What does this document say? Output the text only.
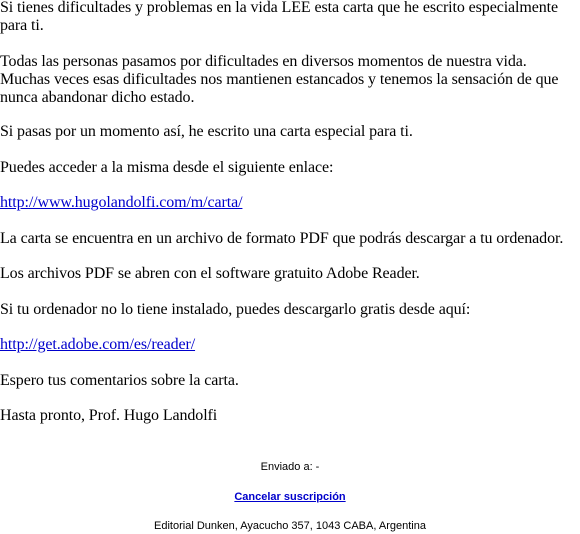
Si tienes dificultades y problemas en la vida LEE esta carta que he escrito especialmente para ti.

Todas las personas pasamos por dificultades en diversos momentos de nuestra vida. Muchas veces esas dificultades nos mantienen estancados y tenemos la sensación de que nunca abandonar dicho estado.

Si pasas por un momento así, he escrito una carta especial para ti.

Puedes acceder a la misma desde el siguiente enlace:

http://www.hugolandolfi.com/m/carta/

La carta se encuentra en un archivo de formato PDF que podrás descargar a tu ordenador.

Los archivos PDF se abren con el software gratuito Adobe Reader.

Si tu ordenador no lo tiene instalado, puedes descargarlo gratis desde aquí:

http://get.adobe.com/es/reader/

Espero tus comentarios sobre la carta.

Hasta pronto, Prof. Hugo Landolfi

Enviado a: -
Cancelar suscripción
Editorial Dunken, Ayacucho 357, 1043 CABA, Argentina
